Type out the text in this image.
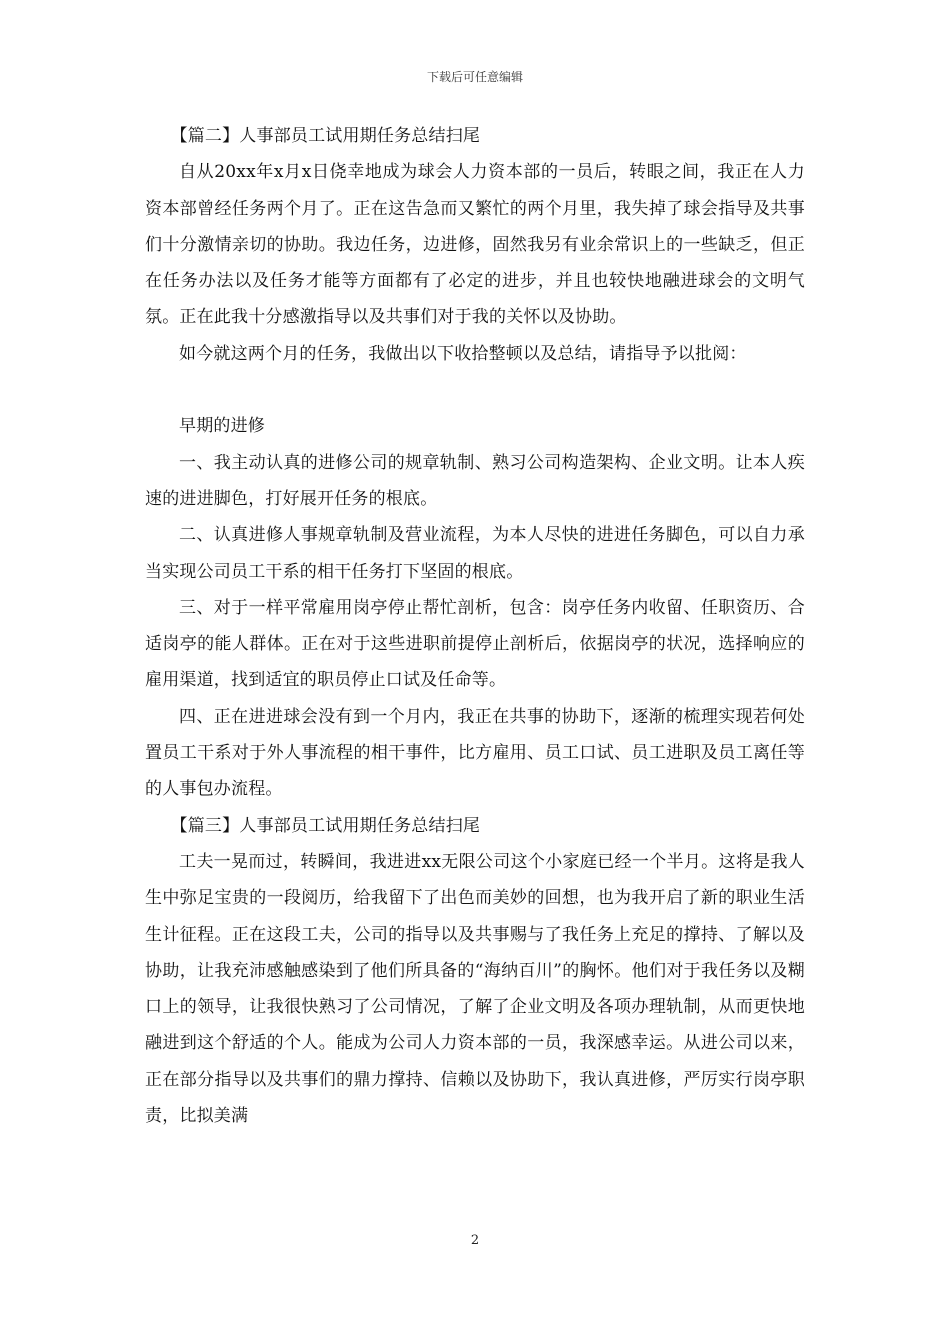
下载后可任意编辑

【篇二】人事部员工试用期任务总结扫尾

自从20xx年x月x日侥幸地成为球会人力资本部的一员后，转眼之间，我正在人力资本部曾经任务两个月了。正在这告急而又繁忙的两个月里，我失掉了球会指导及共事们十分激情亲切的协助。我边任务，边进修，固然我另有业余常识上的一些缺乏，但正在任务办法以及任务才能等方面都有了必定的进步，并且也较快地融进球会的文明气氛。正在此我十分感激指导以及共事们对于我的关怀以及协助。

如今就这两个月的任务，我做出以下收拾整顿以及总结，请指导予以批阅：

早期的进修

一、我主动认真的进修公司的规章轨制、熟习公司构造架构、企业文明。让本人疾速的进进脚色，打好展开任务的根底。

二、认真进修人事规章轨制及营业流程，为本人尽快的进进任务脚色，可以自力承当实现公司员工干系的相干任务打下坚固的根底。

三、对于一样平常雇用岗亭停止帮忙剖析，包含：岗亭任务内收留、任职资历、合适岗亭的能人群体。正在对于这些进职前提停止剖析后，依据岗亭的状况，选择响应的雇用渠道，找到适宜的职员停止口试及任命等。

四、正在进进球会没有到一个月内，我正在共事的协助下，逐渐的梳理实现若何处置员工干系对于外人事流程的相干事件，比方雇用、员工口试、员工进职及员工离任等的人事包办流程。

【篇三】人事部员工试用期任务总结扫尾

工夫一晃而过，转瞬间，我进进xx无限公司这个小家庭已经一个半月。这将是我人生中弥足宝贵的一段阅历，给我留下了出色而美妙的回想，也为我开启了新的职业生活生计征程。正在这段工夫，公司的指导以及共事赐与了我任务上充足的撑持、了解以及协助，让我充沛感触感染到了他们所具备的“海纳百川”的胸怀。他们对于我任务以及糊口上的领导，让我很快熟习了公司情况，了解了企业文明及各项办理轨制，从而更快地融进到这个舒适的个人。能成为公司人力资本部的一员，我深感幸运。从进公司以来，正在部分指导以及共事们的鼎力撑持、信赖以及协助下，我认真进修，严厉实行岗亭职责，比拟美满

2
